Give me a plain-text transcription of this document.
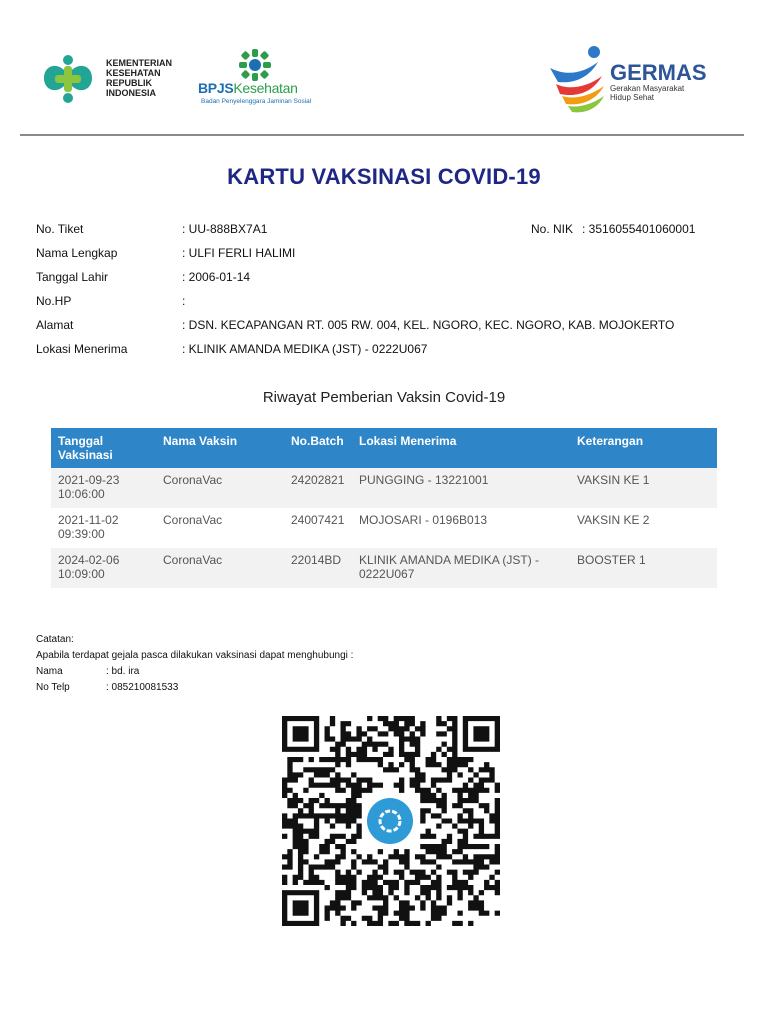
KEMENTERIAN
KESEHATAN
REPUBLIK
INDONESIA	BPJSKesehatan
Badan Penyelenggara Jaminan Sosial
GERMAS
Gerakan Masyarakat
Hidup Sehat
KARTU VAKSINASI COVID-19
No. Tiket	: UU-888BX7A1	No. NIK : 3516055401060001
Nama Lengkap	: ULFI FERLI HALIMI
Tanggal Lahir	: 2006-01-14
No.HP	:
Alamat	: DSN. KECAPANGAN RT. 005 RW. 004, KEL. NGORO, KEC. NGORO, KAB. MOJOKERTO
Lokasi Menerima	: KLINIK AMANDA MEDIKA (JST) - 0222U067
Riwayat Pemberian Vaksin Covid-19
Tanggal Vaksinasi	Nama Vaksin	No.Batch	Lokasi Menerima	Keterangan
2021-09-23
10:06:00	CoronaVac	24202821	PUNGGING - 13221001	VAKSIN KE 1
2021-11-02
09:39:00	CoronaVac	24007421	MOJOSARI - 0196B013	VAKSIN KE 2
2024-02-06
10:09:00	CoronaVac	22014BD	KLINIK AMANDA MEDIKA (JST) - 0222U067	BOOSTER 1
Catatan:
Apabila terdapat gejala pasca dilakukan vaksinasi dapat menghubungi :
Nama	: bd. ira
No Telp	: 085210081533
